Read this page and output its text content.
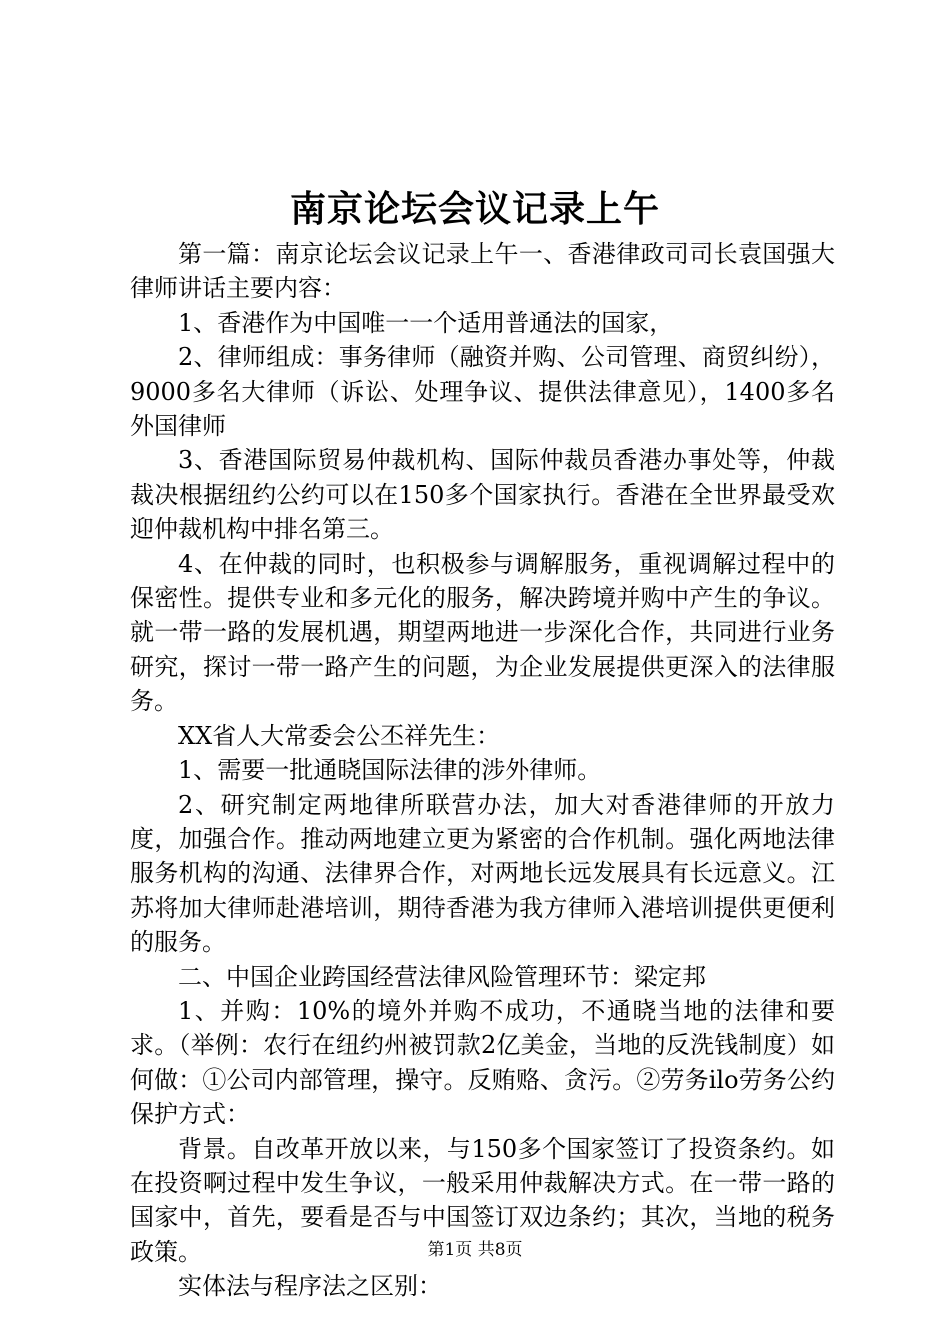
南京论坛会议记录上午

第一篇：南京论坛会议记录上午一、香港律政司司长袁国强大律师讲话主要内容：

1、香港作为中国唯一一个适用普通法的国家，

2、律师组成：事务律师（融资并购、公司管理、商贸纠纷），9000多名大律师（诉讼、处理争议、提供法律意见），1400多名外国律师

3、香港国际贸易仲裁机构、国际仲裁员香港办事处等，仲裁裁决根据纽约公约可以在150多个国家执行。香港在全世界最受欢迎仲裁机构中排名第三。

4、在仲裁的同时，也积极参与调解服务，重视调解过程中的保密性。提供专业和多元化的服务，解决跨境并购中产生的争议。就一带一路的发展机遇，期望两地进一步深化合作，共同进行业务研究，探讨一带一路产生的问题，为企业发展提供更深入的法律服务。

XX省人大常委会公丕祥先生：

1、需要一批通晓国际法律的涉外律师。

2、研究制定两地律所联营办法，加大对香港律师的开放力度，加强合作。推动两地建立更为紧密的合作机制。强化两地法律服务机构的沟通、法律界合作，对两地长远发展具有长远意义。江苏将加大律师赴港培训，期待香港为我方律师入港培训提供更便利的服务。

二、中国企业跨国经营法律风险管理环节：梁定邦

1、并购：10%的境外并购不成功，不通晓当地的法律和要求。（举例：农行在纽约州被罚款2亿美金，当地的反洗钱制度）如何做：①公司内部管理，操守。反贿赂、贪污。②劳务ilo劳务公约保护方式：

背景。自改革开放以来，与150多个国家签订了投资条约。如在投资啊过程中发生争议，一般采用仲裁解决方式。在一带一路的国家中，首先，要看是否与中国签订双边条约；其次，当地的税务政策。

实体法与程序法之区别：

第1页 共8页
